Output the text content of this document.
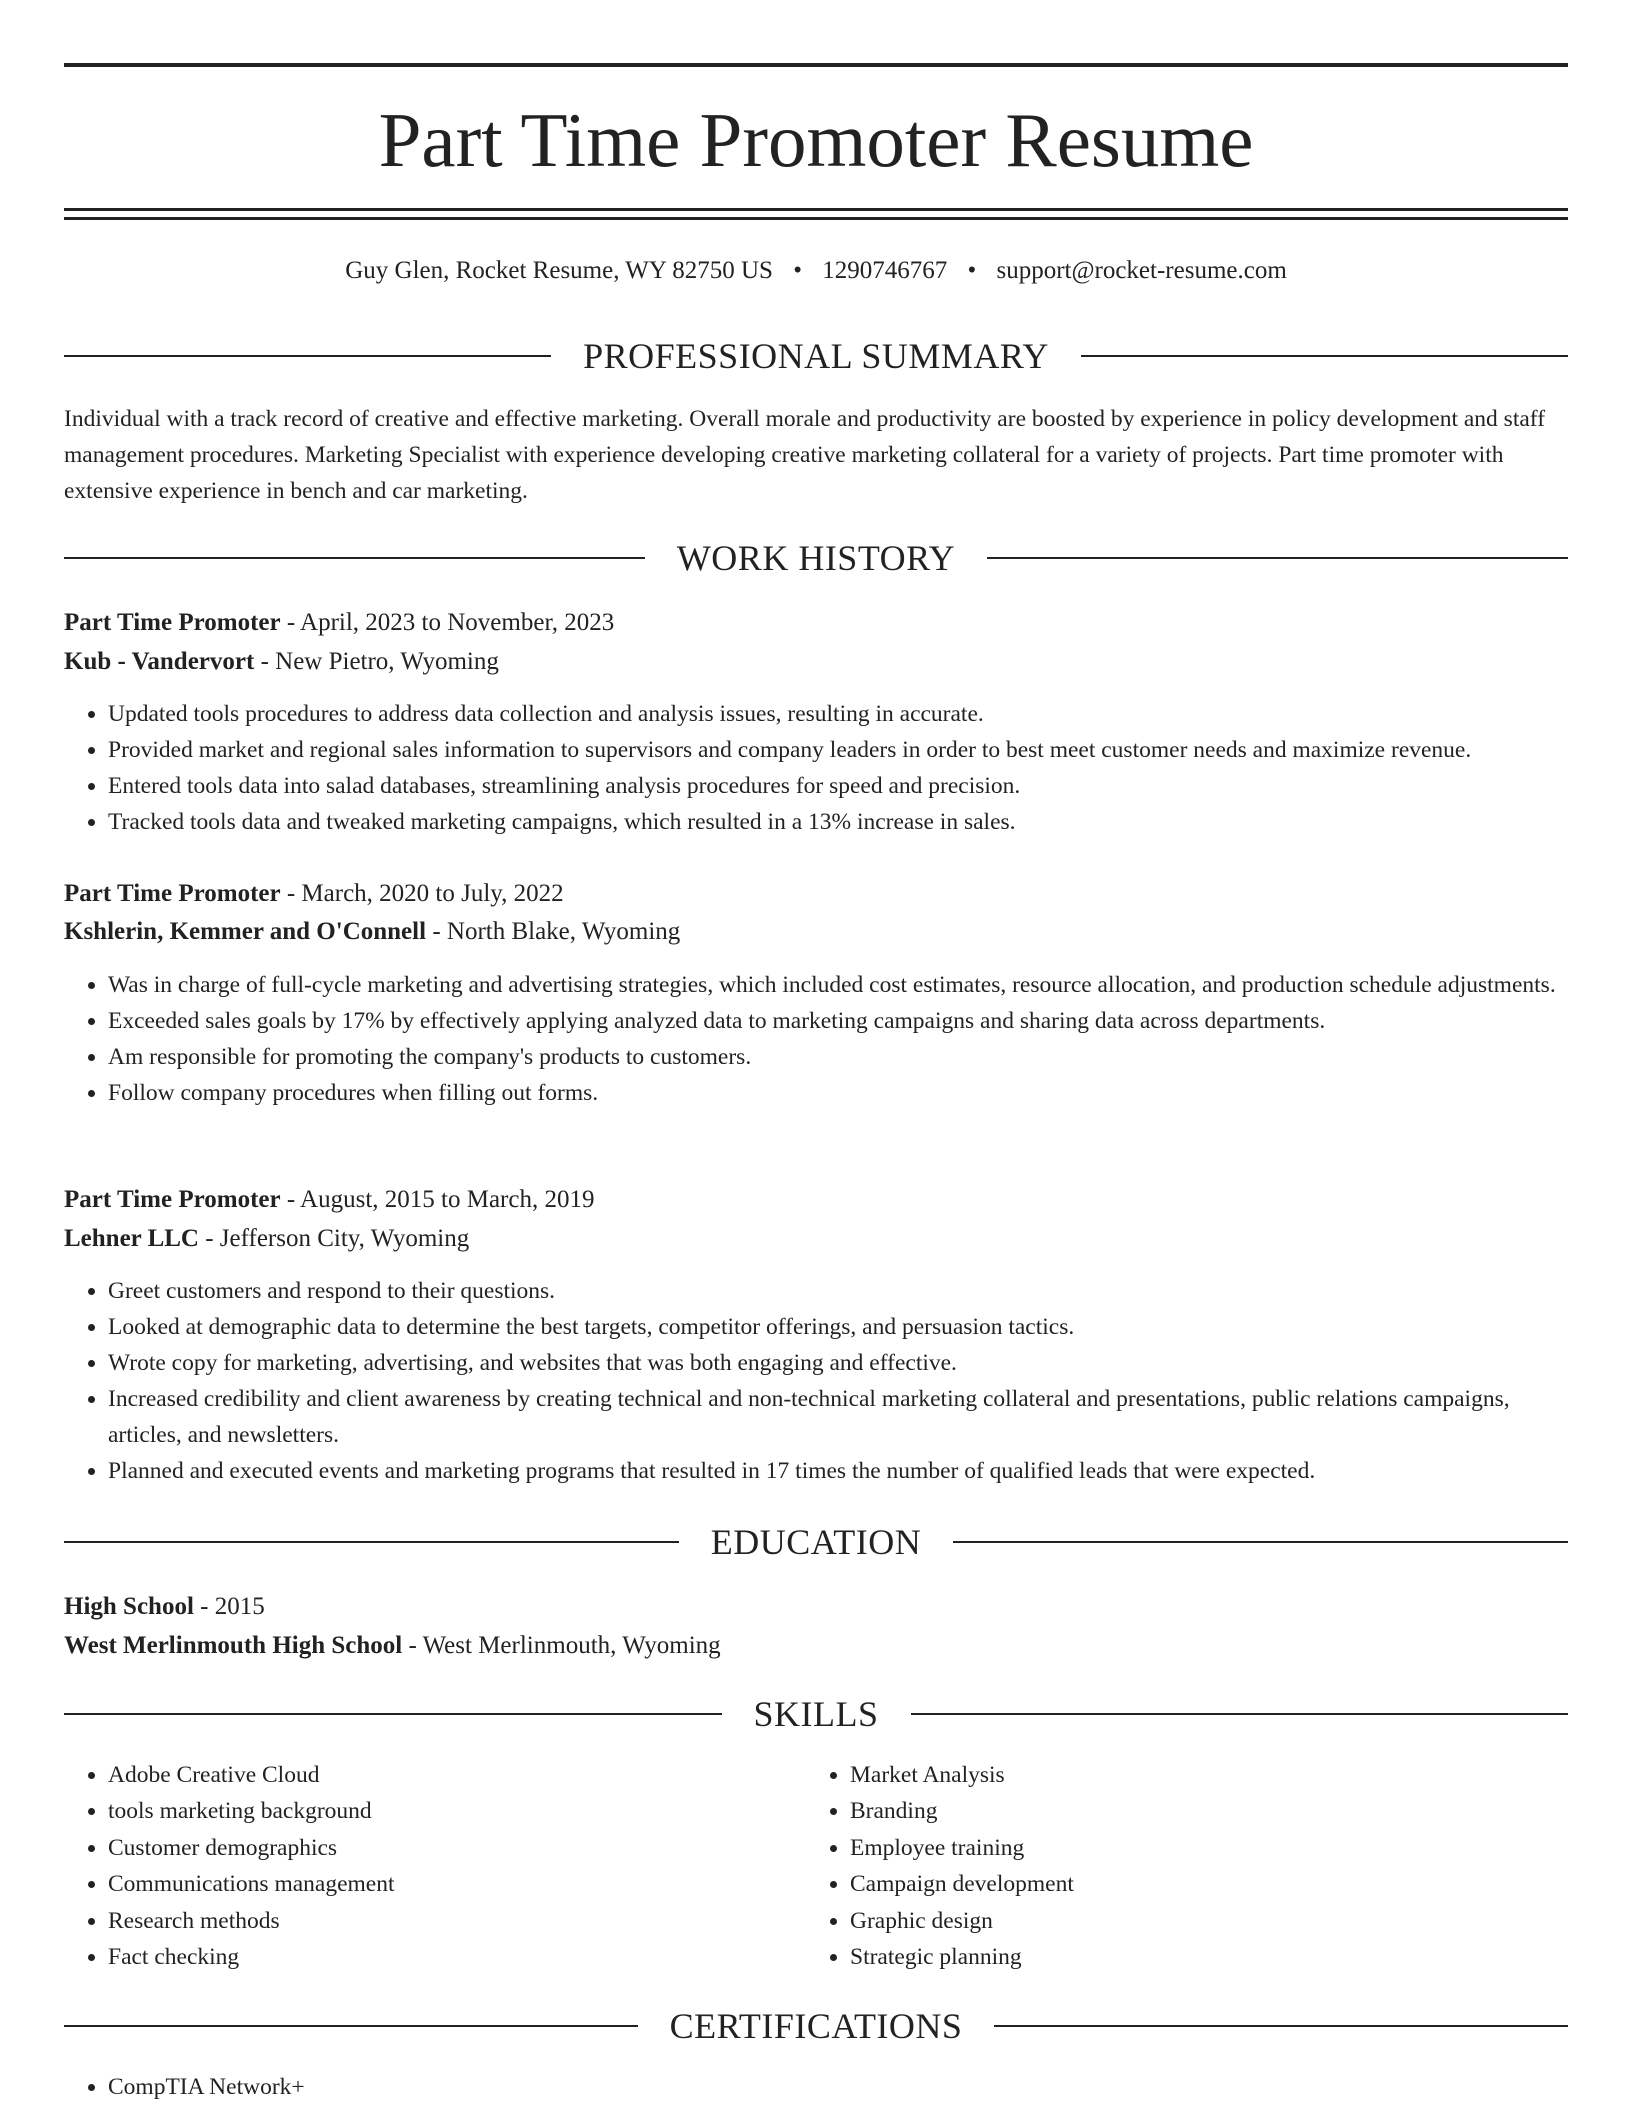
Part Time Promoter Resume
Guy Glen, Rocket Resume, WY 82750 US • 1290746767 • support@rocket-resume.com
PROFESSIONAL SUMMARY

Individual with a track record of creative and effective marketing. Overall morale and productivity are boosted by experience in policy development and staff management procedures. Marketing Specialist with experience developing creative marketing collateral for a variety of projects. Part time promoter with extensive experience in bench and car marketing.

WORK HISTORY

Part Time Promoter - April, 2023 to November, 2023

Kub - Vandervort - New Pietro, Wyoming

• Updated tools procedures to address data collection and analysis issues, resulting in accurate.
• Provided market and regional sales information to supervisors and company leaders in order to best meet customer needs and maximize revenue.
• Entered tools data into salad databases, streamlining analysis procedures for speed and precision.
• Tracked tools data and tweaked marketing campaigns, which resulted in a 13% increase in sales.

Part Time Promoter - March, 2020 to July, 2022

Kshlerin, Kemmer and O'Connell - North Blake, Wyoming

• Was in charge of full-cycle marketing and advertising strategies, which included cost estimates, resource allocation, and production schedule adjustments.
• Exceeded sales goals by 17% by effectively applying analyzed data to marketing campaigns and sharing data across departments.
• Am responsible for promoting the company's products to customers.
• Follow company procedures when filling out forms.

Part Time Promoter - August, 2015 to March, 2019

Lehner LLC - Jefferson City, Wyoming

• Greet customers and respond to their questions.
• Looked at demographic data to determine the best targets, competitor offerings, and persuasion tactics.
• Wrote copy for marketing, advertising, and websites that was both engaging and effective.
• Increased credibility and client awareness by creating technical and non-technical marketing collateral and presentations, public relations campaigns, articles, and newsletters.
• Planned and executed events and marketing programs that resulted in 17 times the number of qualified leads that were expected.
EDUCATION

High School - 2015

West Merlinmouth High School - West Merlinmouth, Wyoming

SKILLS
• Adobe Creative Cloud
• tools marketing background
• Customer demographics
• Communications management
• Research methods
• Fact checking
• Market Analysis
• Branding
• Employee training
• Campaign development
• Graphic design
• Strategic planning
CERTIFICATIONS
• CompTIA Network+
